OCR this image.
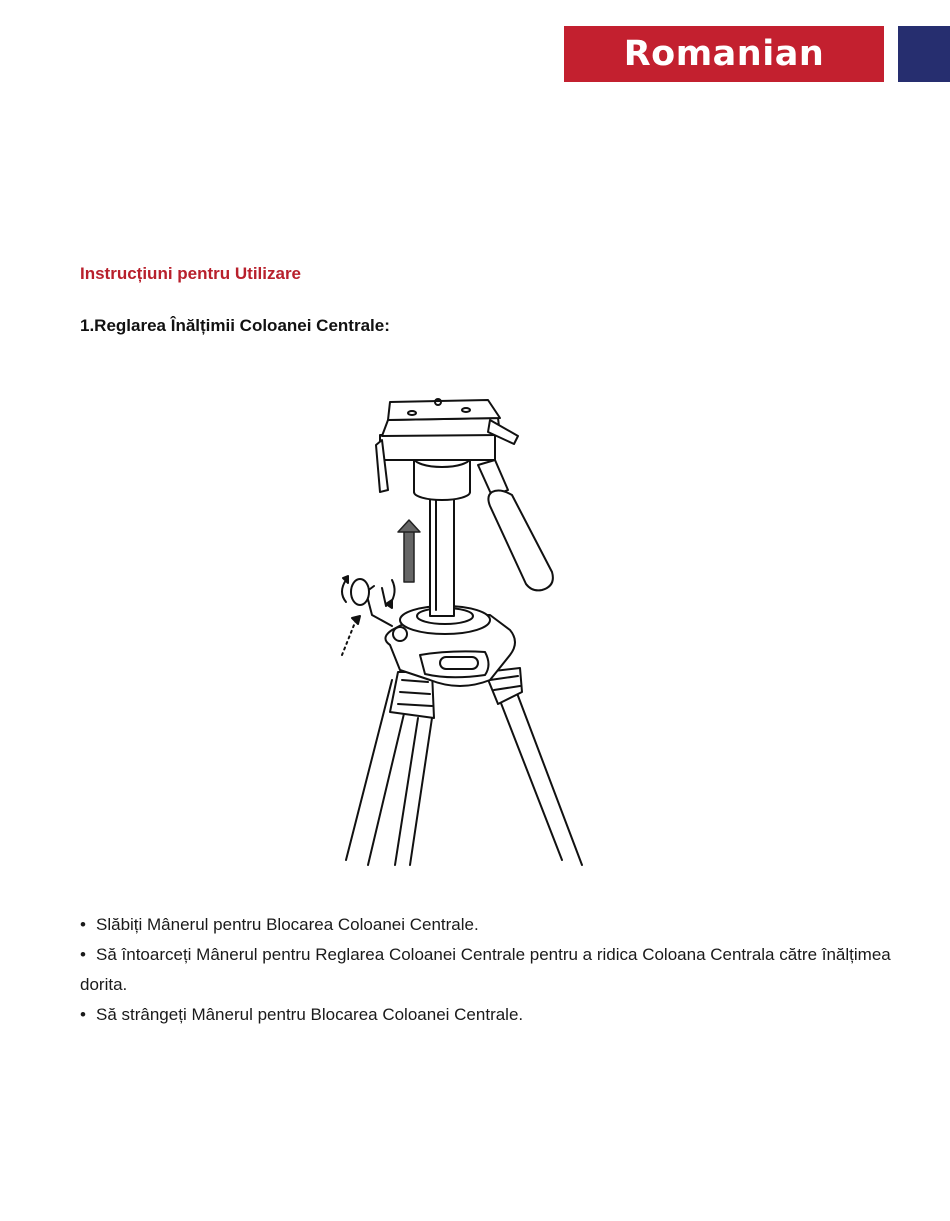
Romanian
Instrucțiuni pentru Utilizare
1.Reglarea Înălțimii Coloanei Centrale:

• Slăbiți Mânerul pentru Blocarea Coloanei Centrale.

• Să întoarceți Mânerul pentru Reglarea Coloanei Centrale pentru a ridica Coloana Centrala către înălțimea dorita.

• Să strângeți Mânerul pentru Blocarea Coloanei Centrale.
